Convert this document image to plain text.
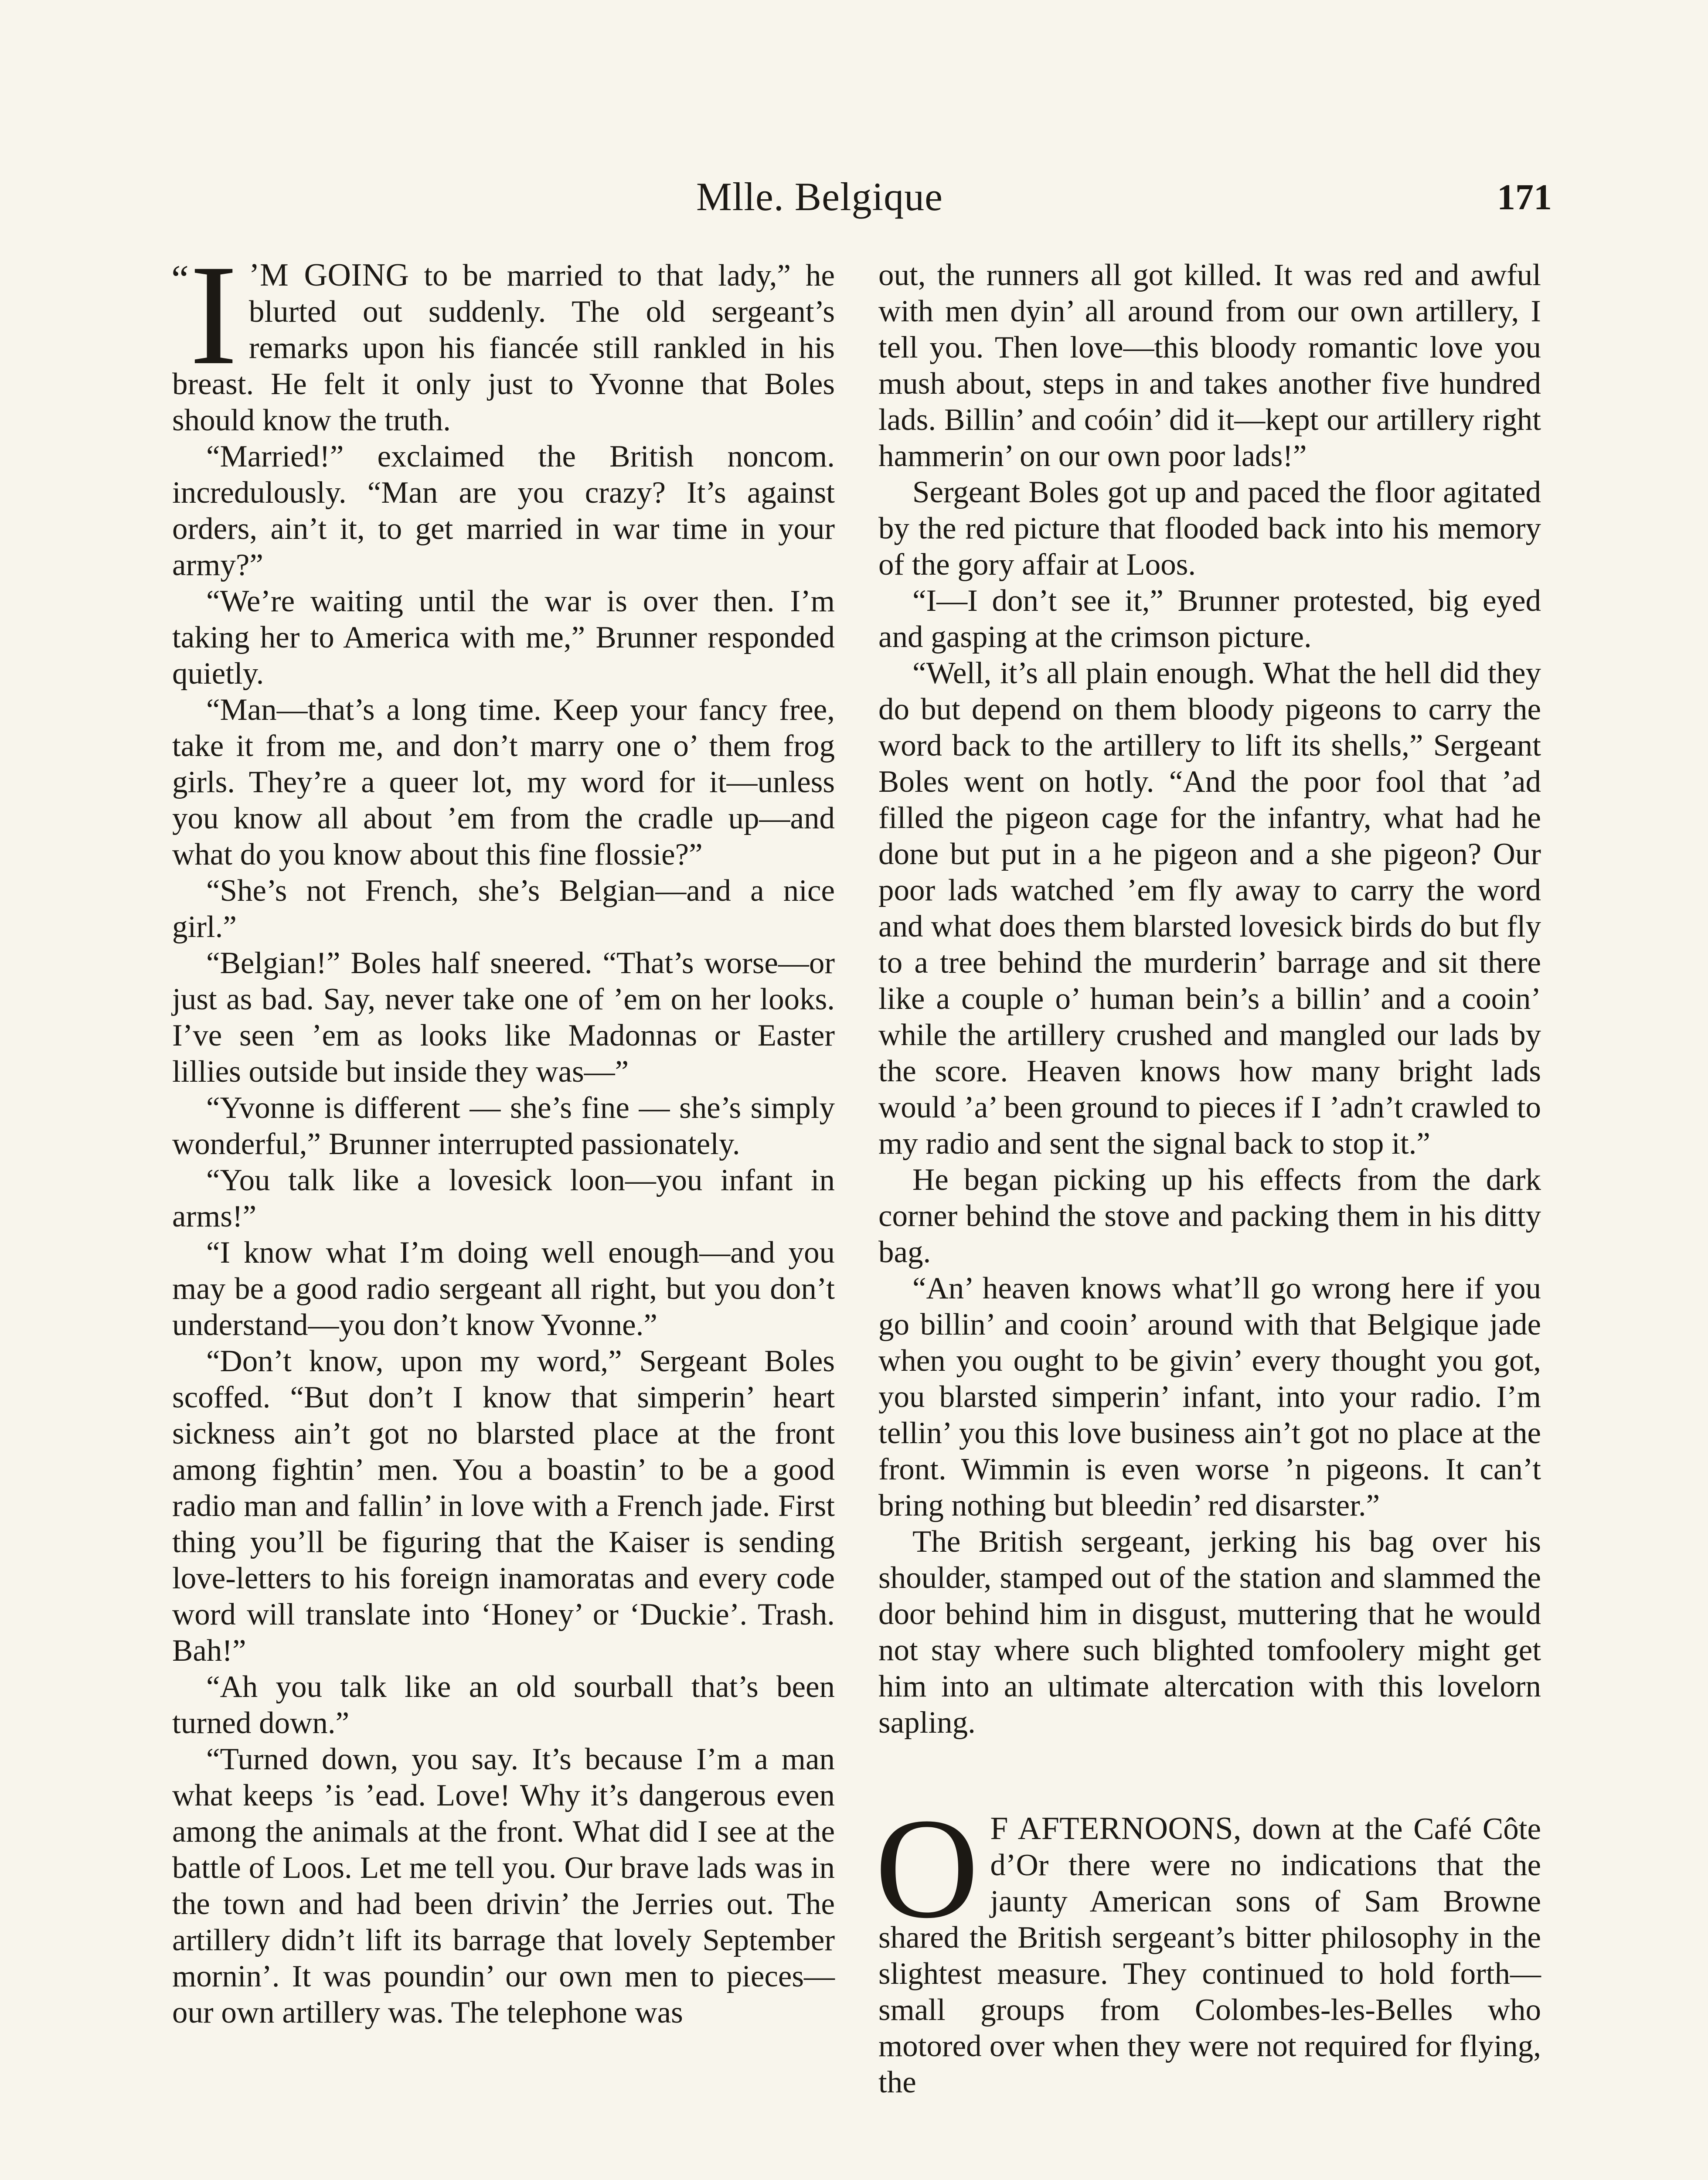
Mlle. Belgique	171

“ I ’M GOING to be married to that lady,” he blurted out suddenly. The old sergeant’s remarks upon his fiancée still rankled in his breast. He felt it only just to Yvonne that Boles should know the truth.

“Married!” exclaimed the British noncom. incredulously. “Man are you crazy? It’s against orders, ain’t it, to get married in war time in your army?”

“We’re waiting until the war is over then. I’m taking her to America with me,” Brunner responded quietly.

“Man—that’s a long time. Keep your fancy free, take it from me, and don’t marry one o’ them frog girls. They’re a queer lot, my word for it—unless you know all about ’em from the cradle up—and what do you know about this fine flossie?”

“She’s not French, she’s Belgian—and a nice girl.”

“Belgian!” Boles half sneered. “That’s worse—or just as bad. Say, never take one of ’em on her looks. I’ve seen ’em as looks like Madonnas or Easter lillies outside but inside they was—”

“Yvonne is different — she’s fine — she’s simply wonderful,” Brunner interrupted passionately.

“You talk like a lovesick loon—you infant in arms!”

“I know what I’m doing well enough—and you may be a good radio sergeant all right, but you don’t understand—you don’t know Yvonne.”

“Don’t know, upon my word,” Sergeant Boles scoffed. “But don’t I know that simperin’ heart sickness ain’t got no blarsted place at the front among fightin’ men. You a boastin’ to be a good radio man and fallin’ in love with a French jade. First thing you’ll be figuring that the Kaiser is sending love-letters to his foreign inamoratas and every code word will translate into ‘Honey’ or ‘Duckie’. Trash. Bah!”

“Ah you talk like an old sourball that’s been turned down.”

“Turned down, you say. It’s because I’m a man what keeps ’is ’ead. Love! Why it’s dangerous even among the animals at the front. What did I see at the battle of Loos. Let me tell you. Our brave lads was in the town and had been drivin’ the Jerries out. The artillery didn’t lift its barrage that lovely September mornin’. It was poundin’ our own men to pieces—our own artillery was. The telephone was

out, the runners all got killed. It was red and awful with men dyin’ all around from our own artillery, I tell you. Then love—this bloody romantic love you mush about, steps in and takes another five hundred lads. Billin’ and coóin’ did it—kept our artillery right hammerin’ on our own poor lads!”

Sergeant Boles got up and paced the floor agitated by the red picture that flooded back into his memory of the gory affair at Loos.

“I—I don’t see it,” Brunner protested, big eyed and gasping at the crimson picture.

“Well, it’s all plain enough. What the hell did they do but depend on them bloody pigeons to carry the word back to the artillery to lift its shells,” Sergeant Boles went on hotly. “And the poor fool that ’ad filled the pigeon cage for the infantry, what had he done but put in a he pigeon and a she pigeon? Our poor lads watched ’em fly away to carry the word and what does them blarsted lovesick birds do but fly to a tree behind the murderin’ barrage and sit there like a couple o’ human bein’s a billin’ and a cooin’ while the artillery crushed and mangled our lads by the score. Heaven knows how many bright lads would ’a’ been ground to pieces if I ’adn’t crawled to my radio and sent the signal back to stop it.”

He began picking up his effects from the dark corner behind the stove and packing them in his ditty bag.

“An’ heaven knows what’ll go wrong here if you go billin’ and cooin’ around with that Belgique jade when you ought to be givin’ every thought you got, you blarsted simperin’ infant, into your radio. I’m tellin’ you this love business ain’t got no place at the front. Wimmin is even worse ’n pigeons. It can’t bring nothing but bleedin’ red disarster.”

The British sergeant, jerking his bag over his shoulder, stamped out of the station and slammed the door behind him in disgust, muttering that he would not stay where such blighted tomfoolery might get him into an ultimate altercation with this lovelorn sapling.

O F AFTERNOONS, down at the Café Côte d’Or there were no indications that the jaunty American sons of Sam Browne shared the British sergeant’s bitter philosophy in the slightest measure. They continued to hold forth—small groups from Colombes-les-Belles who motored over when they were not required for flying, the
